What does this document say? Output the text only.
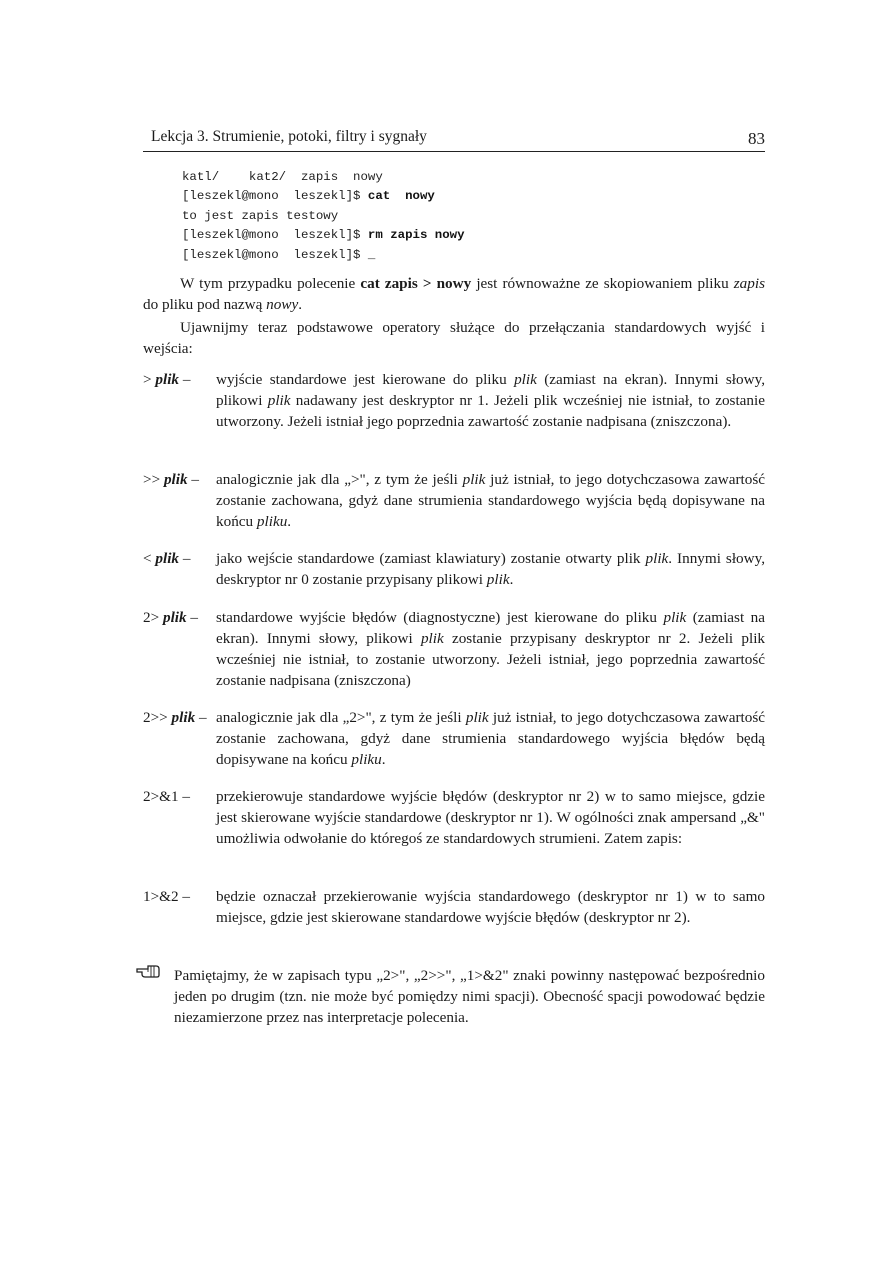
Lekcja 3. Strumienie, potoki, filtry i sygnały	83
katl/    kat2/  zapis  nowy
[leszekl@mono  leszekl]$ cat  nowy
to jest zapis testowy
[leszekl@mono  leszekl]$ rm zapis nowy
[leszekl@mono  leszekl]$ _

W tym przypadku polecenie cat zapis > nowy jest równoważne ze skopiowaniem pliku zapis do pliku pod nazwą nowy.

Ujawnijmy teraz podstawowe operatory służące do przełączania standardowych wyjść i wejścia:

> plik – wyjście standardowe jest kierowane do pliku plik (zamiast na ekran). Innymi słowy, plikowi plik nadawany jest deskryptor nr 1. Jeżeli plik wcześniej nie istniał, to zostanie utworzony. Jeżeli istniał jego poprzednia zawartość zostanie nadpisana (zniszczona).
>> plik – analogicznie jak dla „>", z tym że jeśli plik już istniał, to jego dotychczasowa zawartość zostanie zachowana, gdyż dane strumienia standardowego wyjścia będą dopisywane na końcu pliku.
< plik – jako wejście standardowe (zamiast klawiatury) zostanie otwarty plik plik. Innymi słowy, deskryptor nr 0 zostanie przypisany plikowi plik.
2> plik – standardowe wyjście błędów (diagnostyczne) jest kierowane do pliku plik (zamiast na ekran). Innymi słowy, plikowi plik zostanie przypisany deskryptor nr 2. Jeżeli plik wcześniej nie istniał, to zostanie utworzony. Jeżeli istniał, jego poprzednia zawartość zostanie nadpisana (zniszczona)
2>> plik – analogicznie jak dla „2>", z tym że jeśli plik już istniał, to jego dotychczasowa zawartość zostanie zachowana, gdyż dane strumienia standardowego wyjścia błędów będą dopisywane na końcu pliku.
2>&1 – przekierowuje standardowe wyjście błędów (deskryptor nr 2) w to samo miejsce, gdzie jest skierowane wyjście standardowe (deskryptor nr 1). W ogólności znak ampersand „&" umożliwia odwołanie do któregoś ze standardowych strumieni. Zatem zapis:
1>&2 – będzie oznaczał przekierowanie wyjścia standardowego (deskryptor nr 1) w to samo miejsce, gdzie jest skierowane standardowe wyjście błędów (deskryptor nr 2).
Pamiętajmy, że w zapisach typu „2>", „2>>", „1>&2" znaki powinny następować bezpośrednio jeden po drugim (tzn. nie może być pomiędzy nimi spacji). Obecność spacji powodować będzie niezamierzone przez nas interpretacje polecenia.
